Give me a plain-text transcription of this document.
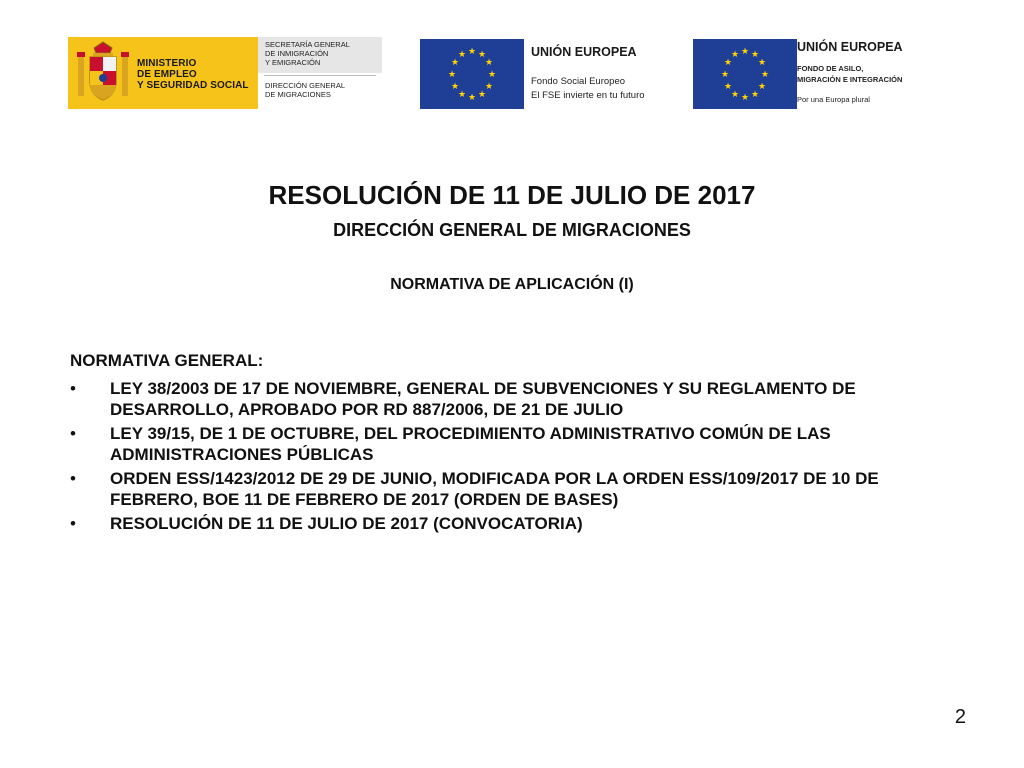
MINISTERIO
DE EMPLEO
Y SEGURIDAD SOCIAL
SECRETARÍA GENERAL
DE INMIGRACIÓN
Y EMIGRACIÓN
DIRECCIÓN GENERAL
DE MIGRACIONES
★ ★
★
★
★
★
★
★
★
★
★
★	UNIÓN EUROPEA
Fondo Social Europeo
El FSE invierte en tu futuro
★ ★
★
★
★
★
★
★
★
★
★
★
UNIÓN EUROPEA
FONDO DE ASILO,
MIGRACIÓN E INTEGRACIÓN
Por una Europa plural
RESOLUCIÓN DE 11 DE JULIO DE 2017
DIRECCIÓN GENERAL DE MIGRACIONES
NORMATIVA DE APLICACIÓN (I)
NORMATIVA GENERAL:
• LEY 38/2003 DE 17 DE NOVIEMBRE, GENERAL DE SUBVENCIONES Y SU REGLAMENTO DE DESARROLLO, APROBADO POR RD 887/2006, DE 21 DE JULIO
• LEY 39/15, DE 1 DE OCTUBRE, DEL PROCEDIMIENTO ADMINISTRATIVO COMÚN DE LAS ADMINISTRACIONES PÚBLICAS
• ORDEN ESS/1423/2012 DE 29 DE JUNIO, MODIFICADA POR LA ORDEN ESS/109/2017 DE 10 DE FEBRERO, BOE 11 DE FEBRERO DE 2017 (ORDEN DE BASES)
• RESOLUCIÓN DE 11 DE JULIO DE 2017 (CONVOCATORIA)
2
